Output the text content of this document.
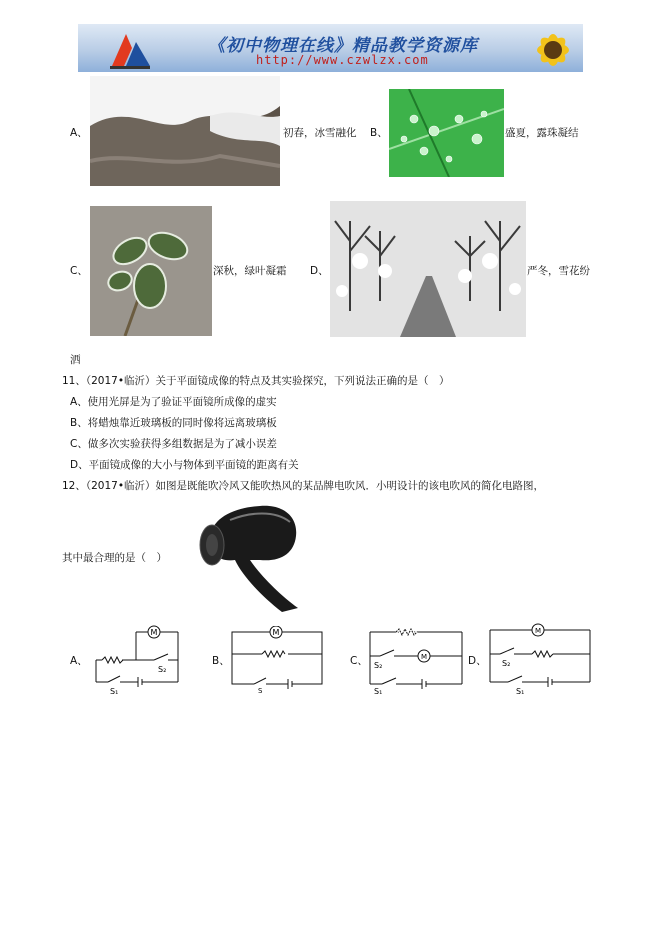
《初中物理在线》精品教学资源库
http://www.czwlzx.com
A、	初春，冰雪融化 B、	盛夏，露珠凝结
C、	深秋，绿叶凝霜 D、	严冬，雪花纷
洒
11、（2017•临沂）关于平面镜成像的特点及其实验探究，下列说法正确的是（　）
A、使用光屏是为了验证平面镜所成像的虚实
B、将蜡烛靠近玻璃板的同时像将远离玻璃板
C、做多次实验获得多组数据是为了减小误差
D、平面镜成像的大小与物体到平面镜的距离有关
12、（2017•临沂）如图是既能吹冷风又能吹热风的某品牌电吹风．小明设计的该电吹风的简化电路图，
其中最合理的是（　）
A、
M
S₁
S₂
B、
M
S
C、	M
S₂
S₁
D、
M
S₂
S₁
